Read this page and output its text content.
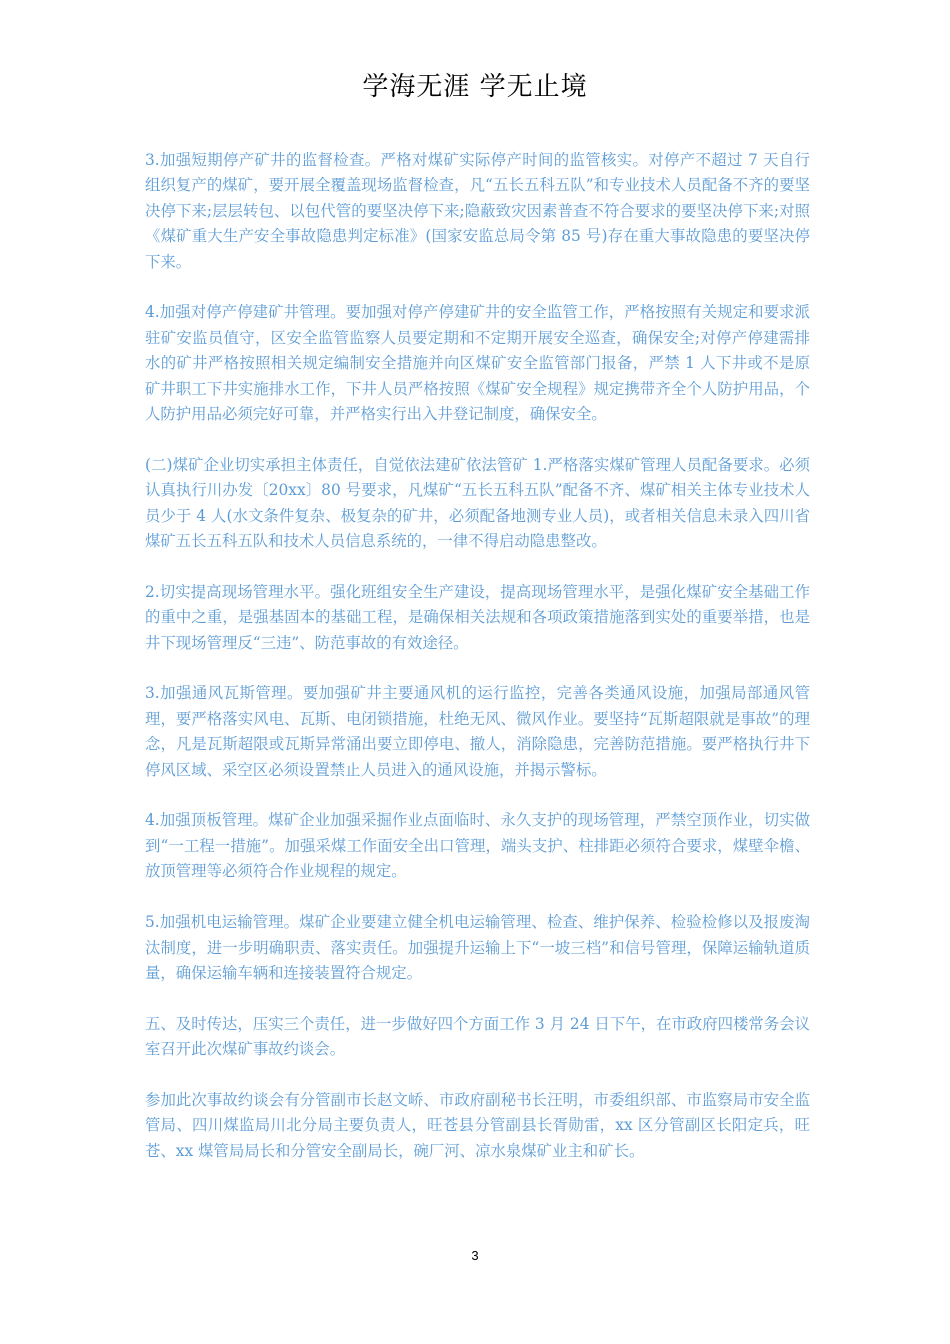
学海无涯 学无止境

3.加强短期停产矿井的监督检查。严格对煤矿实际停产时间的监管核实。对停产不超过 7 天自行组织复产的煤矿，要开展全覆盖现场监督检查，凡“五长五科五队”和专业技术人员配备不齐的要坚决停下来;层层转包、以包代管的要坚决停下来;隐蔽致灾因素普查不符合要求的要坚决停下来;对照《煤矿重大生产安全事故隐患判定标准》(国家安监总局令第 85 号)存在重大事故隐患的要坚决停下来。

4.加强对停产停建矿井管理。要加强对停产停建矿井的安全监管工作，严格按照有关规定和要求派驻矿安监员值守，区安全监管监察人员要定期和不定期开展安全巡查，确保安全;对停产停建需排水的矿井严格按照相关规定编制安全措施并向区煤矿安全监管部门报备，严禁 1 人下井或不是原矿井职工下井实施排水工作，下井人员严格按照《煤矿安全规程》规定携带齐全个人防护用品，个人防护用品必须完好可靠，并严格实行出入井登记制度，确保安全。

(二)煤矿企业切实承担主体责任，自觉依法建矿依法管矿 1.严格落实煤矿管理人员配备要求。必须认真执行川办发〔20xx〕80 号要求，凡煤矿“五长五科五队”配备不齐、煤矿相关主体专业技术人员少于 4 人(水文条件复杂、极复杂的矿井，必须配备地测专业人员)，或者相关信息未录入四川省煤矿五长五科五队和技术人员信息系统的，一律不得启动隐患整改。

2.切实提高现场管理水平。强化班组安全生产建设，提高现场管理水平，是强化煤矿安全基础工作的重中之重，是强基固本的基础工程，是确保相关法规和各项政策措施落到实处的重要举措，也是井下现场管理反“三违”、防范事故的有效途径。

3.加强通风瓦斯管理。要加强矿井主要通风机的运行监控，完善各类通风设施，加强局部通风管理，要严格落实风电、瓦斯、电闭锁措施，杜绝无风、微风作业。要坚持“瓦斯超限就是事故”的理念，凡是瓦斯超限或瓦斯异常涌出要立即停电、撤人，消除隐患，完善防范措施。要严格执行井下停风区域、采空区必须设置禁止人员进入的通风设施，并揭示警标。

4.加强顶板管理。煤矿企业加强采掘作业点面临时、永久支护的现场管理，严禁空顶作业，切实做到“一工程一措施”。加强采煤工作面安全出口管理，端头支护、柱排距必须符合要求，煤壁伞檐、放顶管理等必须符合作业规程的规定。

5.加强机电运输管理。煤矿企业要建立健全机电运输管理、检查、维护保养、检验检修以及报废淘汰制度，进一步明确职责、落实责任。加强提升运输上下“一坡三档”和信号管理，保障运输轨道质量，确保运输车辆和连接装置符合规定。

五、及时传达，压实三个责任，进一步做好四个方面工作 3 月 24 日下午，在市政府四楼常务会议室召开此次煤矿事故约谈会。

参加此次事故约谈会有分管副市长赵文峤、市政府副秘书长汪明，市委组织部、市监察局市安全监管局、四川煤监局川北分局主要负责人，旺苍县分管副县长胥勋雷，xx 区分管副区长阳定兵，旺苍、xx 煤管局局长和分管安全副局长，碗厂河、凉水泉煤矿业主和矿长。

3
